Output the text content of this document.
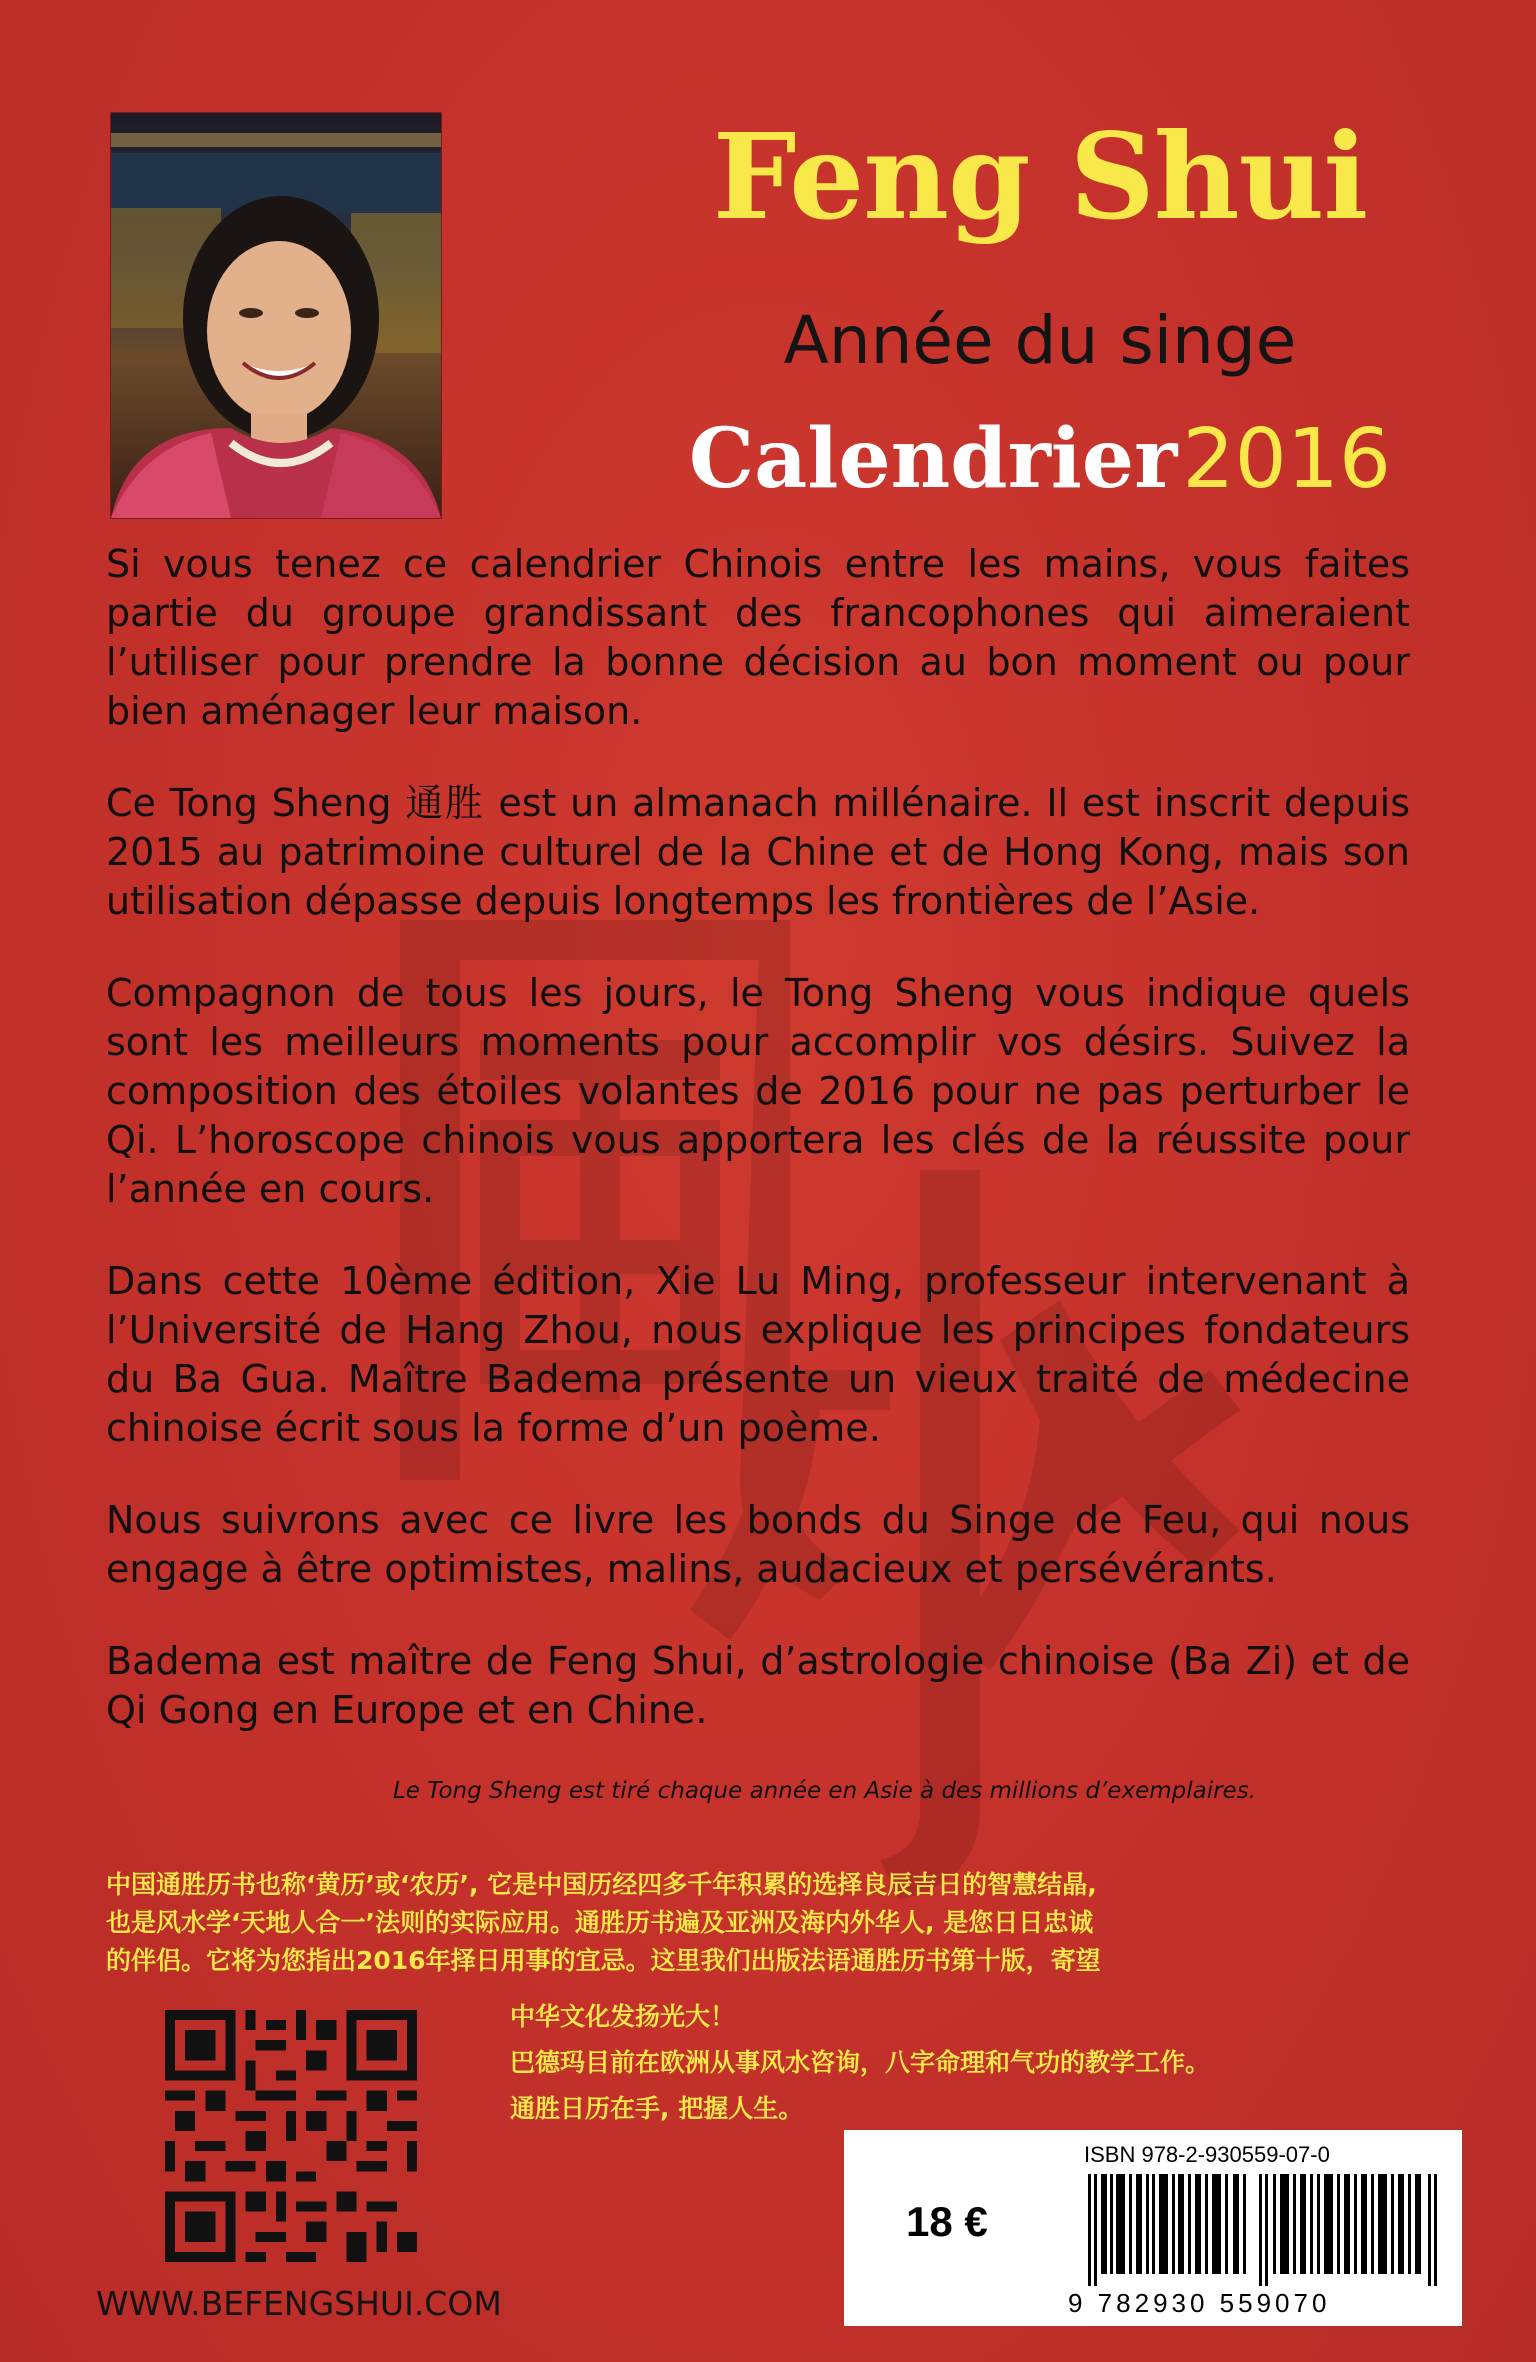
Feng Shui
Année du singe
Calendrier 2016

Si vous tenez ce calendrier Chinois entre les mains, vous faites partie du groupe grandissant des francophones qui aimeraient l’utiliser pour prendre la bonne décision au bon moment ou pour bien aménager leur maison.

Ce Tong Sheng 通胜 est un almanach millénaire. Il est inscrit depuis 2015 au patrimoine culturel de la Chine et de Hong Kong, mais son utilisation dépasse depuis longtemps les frontières de l’Asie.

Compagnon de tous les jours, le Tong Sheng vous indique quels sont les meilleurs moments pour accomplir vos désirs. Suivez la composition des étoiles volantes de 2016 pour ne pas perturber le Qi. L’horoscope chinois vous apportera les clés de la réussite pour l’année en cours.

Dans cette 10ème édition, Xie Lu Ming, professeur intervenant à l’Université de Hang Zhou, nous explique les principes fondateurs du Ba Gua. Maître Badema présente un vieux traité de médecine chinoise écrit sous la forme d’un poème.

Nous suivrons avec ce livre les bonds du Singe de Feu, qui nous engage à être optimistes, malins, audacieux et persévérants.

Badema est maître de Feng Shui, d’astrologie chinoise (Ba Zi) et de Qi Gong en Europe et en Chine.

Le Tong Sheng est tiré chaque année en Asie à des millions d’exemplaires.
中国通胜历书也称‘黄历’或‘农历’, 它是中国历经四多千年积累的选择良辰吉日的智慧结晶,
也是风水学‘天地人合一’法则的实际应用。通胜历书遍及亚洲及海内外华人, 是您日日忠诚
的伴侣。它将为您指出2016年择日用事的宜忌。这里我们出版法语通胜历书第十版，寄望
中华文化发扬光大！
巴德玛目前在欧洲从事风水咨询，八字命理和气功的教学工作。
通胜日历在手, 把握人生。
WWW.BEFENGSHUI.COM
ISBN 978-2-930559-07-0
18 €
9 782930 559070
